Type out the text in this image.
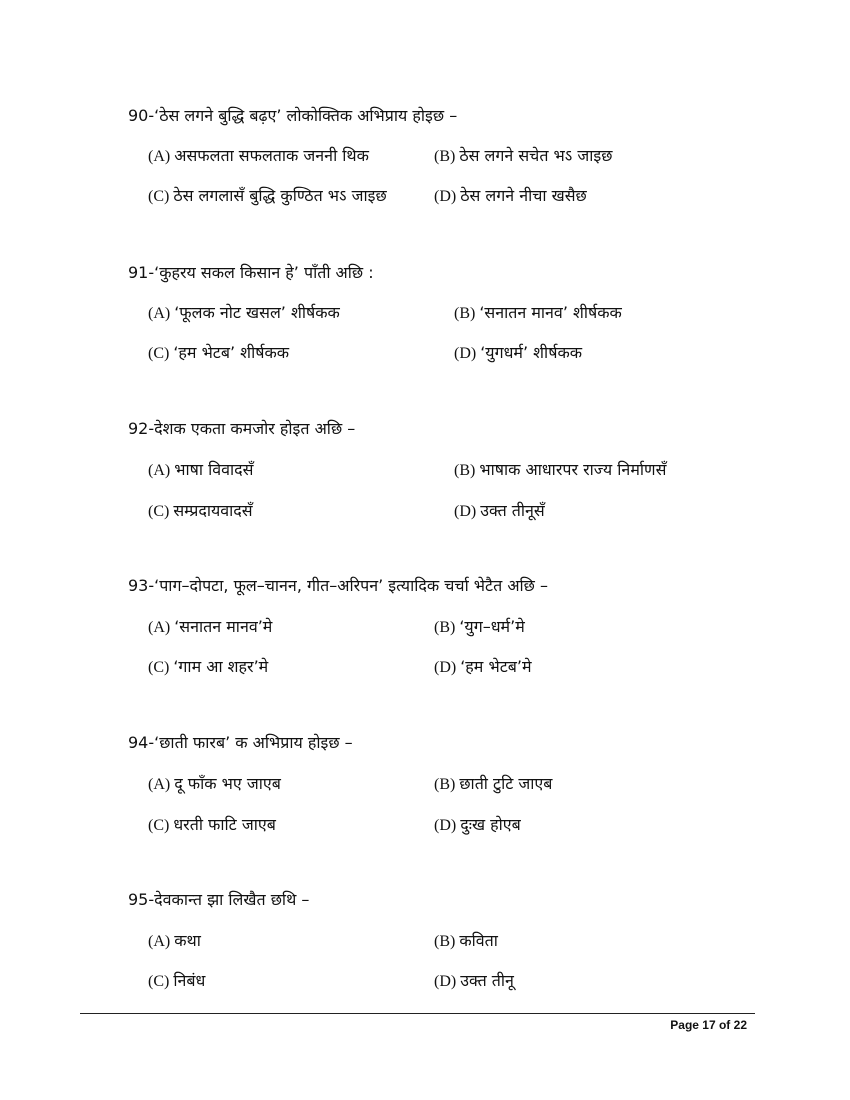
90-‘ठेस लगने बुद्धि बढ़ए’ लोकोक्तिक अभिप्राय होइछ –
(A) असफलता सफलताक जननी थिक	(B) ठेस लगने सचेत भऽ जाइछ
(C) ठेस लगलासँ बुद्धि कुण्ठित भऽ जाइछ	(D) ठेस लगने नीचा खसैछ
91-‘कुहरय सकल किसान हे’ पाँती अछि :
(A) ‘फूलक नोट खसल’ शीर्षकक	(B) ‘सनातन मानव’ शीर्षकक
(C) ‘हम भेटब’ शीर्षकक	(D) ‘युगधर्म’ शीर्षकक
92-देशक एकता कमजोर होइत अछि –
(A) भाषा विवादसँ	(B) भाषाक आधारपर राज्य निर्माणसँ
(C) सम्प्रदायवादसँ	(D) उक्त तीनूसँ
93-‘पाग–दोपटा, फूल–चानन, गीत–अरिपन’ इत्यादिक चर्चा भेटैत अछि –
(A) ‘सनातन मानव’मे	(B) ‘युग–धर्म’मे
(C) ‘गाम आ शहर’मे	(D) ‘हम भेटब’मे
94-‘छाती फारब’ क अभिप्राय होइछ –
(A) दू फाँक भए जाएब	(B) छाती टुटि जाएब
(C) धरती फाटि जाएब	(D) दुःख होएब
95-देवकान्त झा लिखैत छथि –
(A) कथा	(B) कविता
(C) निबंध	(D) उक्त तीनू
Page 17 of 22
